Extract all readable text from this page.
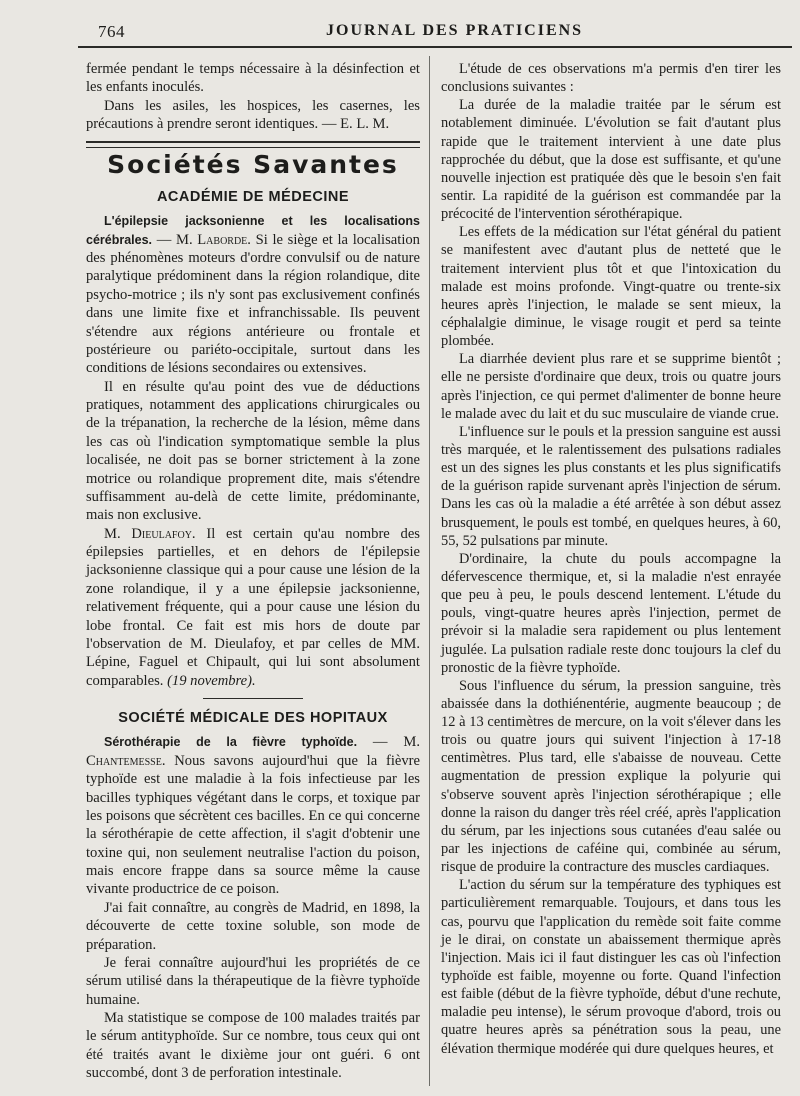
764	JOURNAL DES PRATICIENS

fermée pendant le temps nécessaire à la désinfection et les enfants inoculés.

Dans les asiles, les hospices, les casernes, les précautions à prendre seront identiques. — E. L. M.

Sociétés Savantes
ACADÉMIE DE MÉDECINE

L'épilepsie jacksonienne et les localisations cérébrales. — M. Laborde. Si le siège et la localisation des phénomènes moteurs d'ordre convulsif ou de nature paralytique prédominent dans la région rolandique, dite psycho-motrice ; ils n'y sont pas exclusivement confinés dans une limite fixe et infranchissable. Ils peuvent s'étendre aux régions antérieure ou frontale et postérieure ou pariéto-occipitale, surtout dans les conditions de lésions secondaires ou extensives.

Il en résulte qu'au point des vue de déductions pratiques, notamment des applications chirurgicales ou de la trépanation, la recherche de la lésion, même dans les cas où l'indication symptomatique semble la plus localisée, ne doit pas se borner strictement à la zone motrice ou rolandique proprement dite, mais s'étendre suffisamment au-delà de cette limite, prédominante, mais non exclusive.

M. Dieulafoy. Il est certain qu'au nombre des épilepsies partielles, et en dehors de l'épilepsie jacksonienne classique qui a pour cause une lésion de la zone rolandique, il y a une épilepsie jacksonienne, relativement fréquente, qui a pour cause une lésion du lobe frontal. Ce fait est mis hors de doute par l'observation de M. Dieulafoy, et par celles de MM. Lépine, Faguel et Chipault, qui lui sont absolument comparables. (19 novembre).

SOCIÉTÉ MÉDICALE DES HOPITAUX

Sérothérapie de la fièvre typhoïde. — M. Chantemesse. Nous savons aujourd'hui que la fièvre typhoïde est une maladie à la fois infectieuse par les bacilles typhiques végétant dans le corps, et toxique par les poisons que sécrètent ces bacilles. En ce qui concerne la sérothérapie de cette affection, il s'agit d'obtenir une toxine qui, non seulement neutralise l'action du poison, mais encore frappe dans sa source même la cause vivante productrice de ce poison.

J'ai fait connaître, au congrès de Madrid, en 1898, la découverte de cette toxine soluble, son mode de préparation.

Je ferai connaître aujourd'hui les propriétés de ce sérum utilisé dans la thérapeutique de la fièvre typhoïde humaine.

Ma statistique se compose de 100 malades traités par le sérum antityphoïde. Sur ce nombre, tous ceux qui ont été traités avant le dixième jour ont guéri. 6 ont succombé, dont 3 de perforation intestinale.

L'étude de ces observations m'a permis d'en tirer les conclusions suivantes :

La durée de la maladie traitée par le sérum est notablement diminuée. L'évolution se fait d'autant plus rapide que le traitement intervient à une date plus rapprochée du début, que la dose est suffisante, et qu'une nouvelle injection est pratiquée dès que le besoin s'en fait sentir. La rapidité de la guérison est commandée par la précocité de l'intervention sérothérapique.

Les effets de la médication sur l'état général du patient se manifestent avec d'autant plus de netteté que le traitement intervient plus tôt et que l'intoxication du malade est moins profonde. Vingt-quatre ou trente-six heures après l'injection, le malade se sent mieux, la céphalalgie diminue, le visage rougit et perd sa teinte plombée.

La diarrhée devient plus rare et se supprime bientôt ; elle ne persiste d'ordinaire que deux, trois ou quatre jours après l'injection, ce qui permet d'alimenter de bonne heure le malade avec du lait et du suc musculaire de viande crue.

L'influence sur le pouls et la pression sanguine est aussi très marquée, et le ralentissement des pulsations radiales est un des signes les plus constants et les plus significatifs de la guérison rapide survenant après l'injection de sérum. Dans les cas où la maladie a été arrêtée à son début assez brusquement, le pouls est tombé, en quelques heures, à 60, 55, 52 pulsations par minute.

D'ordinaire, la chute du pouls accompagne la défervescence thermique, et, si la maladie n'est enrayée que peu à peu, le pouls descend lentement. L'étude du pouls, vingt-quatre heures après l'injection, permet de prévoir si la maladie sera rapidement ou plus lentement jugulée. La pulsation radiale reste donc toujours la clef du pronostic de la fièvre typhoïde.

Sous l'influence du sérum, la pression sanguine, très abaissée dans la dothiénentérie, augmente beaucoup ; de 12 à 13 centimètres de mercure, on la voit s'élever dans les trois ou quatre jours qui suivent l'injection à 17-18 centimètres. Plus tard, elle s'abaisse de nouveau. Cette augmentation de pression explique la polyurie qui s'observe souvent après l'injection sérothérapique ; elle donne la raison du danger très réel créé, après l'application du sérum, par les injections sous cutanées d'eau salée ou par les injections de caféine qui, combinée au sérum, risque de produire la contracture des muscles cardiaques.

L'action du sérum sur la température des typhiques est particulièrement remarquable. Toujours, et dans tous les cas, pourvu que l'application du remède soit faite comme je le dirai, on constate un abaissement thermique après l'injection. Mais ici il faut distinguer les cas où l'infection typhoïde est faible, moyenne ou forte. Quand l'infection est faible (début de la fièvre typhoïde, début d'une rechute, maladie peu intense), le sérum provoque d'abord, trois ou quatre heures après sa pénétration sous la peau, une élévation thermique modérée qui dure quelques heures, et
